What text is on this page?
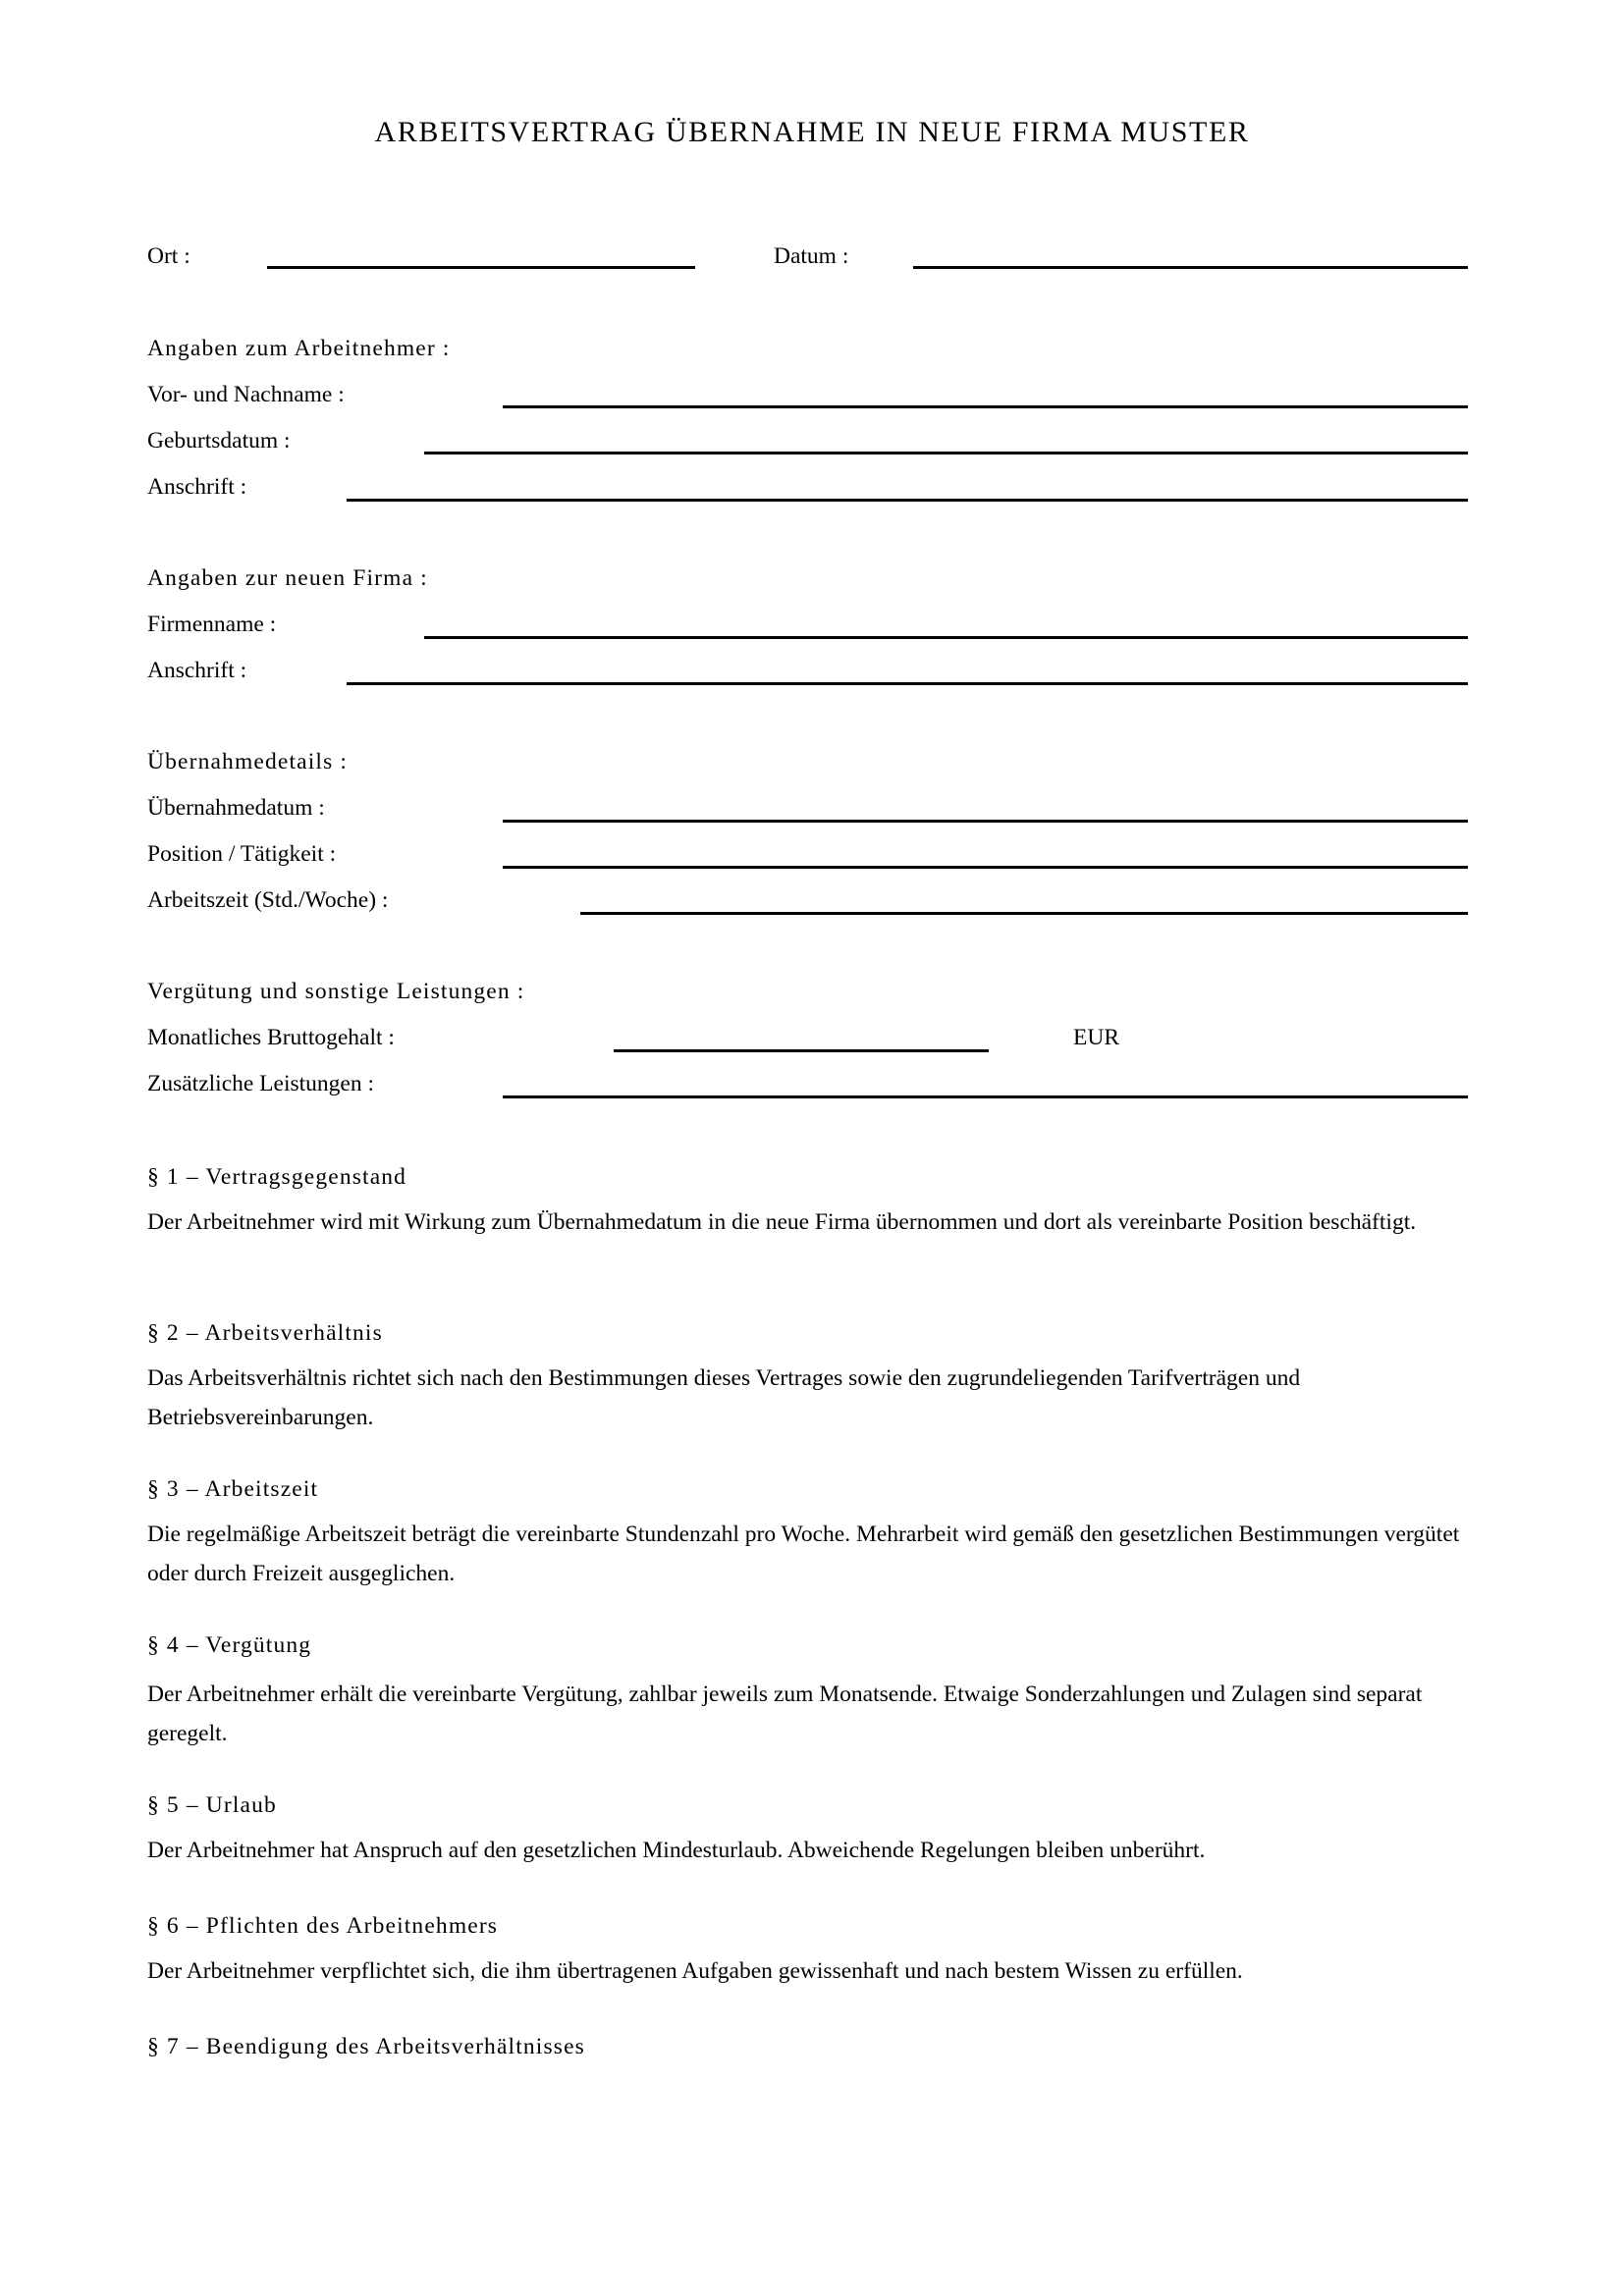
ARBEITSVERTRAG ÜBERNAHME IN NEUE FIRMA MUSTER
Ort :	Datum :
Angaben zum Arbeitnehmer :
Vor- und Nachname :
Geburtsdatum :
Anschrift :
Angaben zur neuen Firma :
Firmenname :
Anschrift :
Übernahmedetails :
Übernahmedatum :
Position / Tätigkeit :
Arbeitszeit (Std./Woche) :
Vergütung und sonstige Leistungen :
Monatliches Bruttogehalt :	EUR
Zusätzliche Leistungen :
§ 1 – Vertragsgegenstand
Der Arbeitnehmer wird mit Wirkung zum Übernahmedatum in die neue Firma übernommen und dort als vereinbarte Position beschäftigt.
§ 2 – Arbeitsverhältnis
Das Arbeitsverhältnis richtet sich nach den Bestimmungen dieses Vertrages sowie den zugrundeliegenden Tarifverträgen und Betriebsvereinbarungen.
§ 3 – Arbeitszeit
Die regelmäßige Arbeitszeit beträgt die vereinbarte Stundenzahl pro Woche. Mehrarbeit wird gemäß den gesetzlichen Bestimmungen vergütet oder durch Freizeit ausgeglichen.
§ 4 – Vergütung
Der Arbeitnehmer erhält die vereinbarte Vergütung, zahlbar jeweils zum Monatsende. Etwaige Sonderzahlungen und Zulagen sind separat geregelt.
§ 5 – Urlaub
Der Arbeitnehmer hat Anspruch auf den gesetzlichen Mindesturlaub. Abweichende Regelungen bleiben unberührt.
§ 6 – Pflichten des Arbeitnehmers
Der Arbeitnehmer verpflichtet sich, die ihm übertragenen Aufgaben gewissenhaft und nach bestem Wissen zu erfüllen.
§ 7 – Beendigung des Arbeitsverhältnisses
